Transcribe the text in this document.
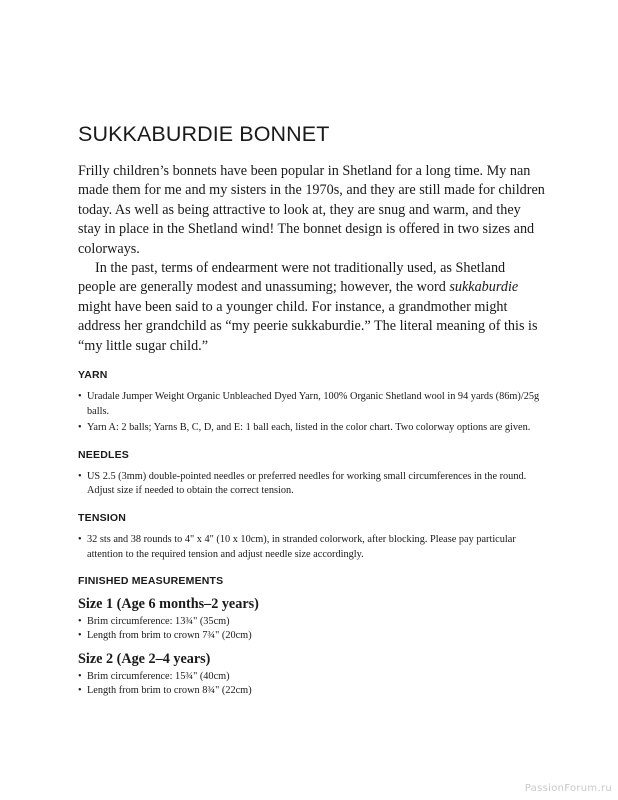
SUKKABURDIE BONNET

Frilly children’s bonnets have been popular in Shetland for a long time. My nan made them for me and my sisters in the 1970s, and they are still made for children today. As well as being attractive to look at, they are snug and warm, and they stay in place in the Shetland wind! The bonnet design is offered in two sizes and colorways.

In the past, terms of endearment were not traditionally used, as Shetland people are generally modest and unassuming; however, the word sukkaburdie might have been said to a younger child. For instance, a grandmother might address her grandchild as “my peerie sukkaburdie.” The literal meaning of this is “my little sugar child.”

YARN
• Uradale Jumper Weight Organic Unbleached Dyed Yarn, 100% Organic Shetland wool in 94 yards (86m)/25g balls.
• Yarn A: 2 balls; Yarns B, C, D, and E: 1 ball each, listed in the color chart. Two colorway options are given.
NEEDLES
• US 2.5 (3mm) double-pointed needles or preferred needles for working small circumferences in the round. Adjust size if needed to obtain the correct tension.
TENSION
• 32 sts and 38 rounds to 4" x 4" (10 x 10cm), in stranded colorwork, after blocking. Please pay particular attention to the required tension and adjust needle size accordingly.
FINISHED MEASUREMENTS
Size 1 (Age 6 months–2 years)
• Brim circumference: 13¾" (35cm)
• Length from brim to crown 7¾" (20cm)
Size 2 (Age 2–4 years)
• Brim circumference: 15¾" (40cm)
• Length from brim to crown 8¾" (22cm)
PassionForum.ru
